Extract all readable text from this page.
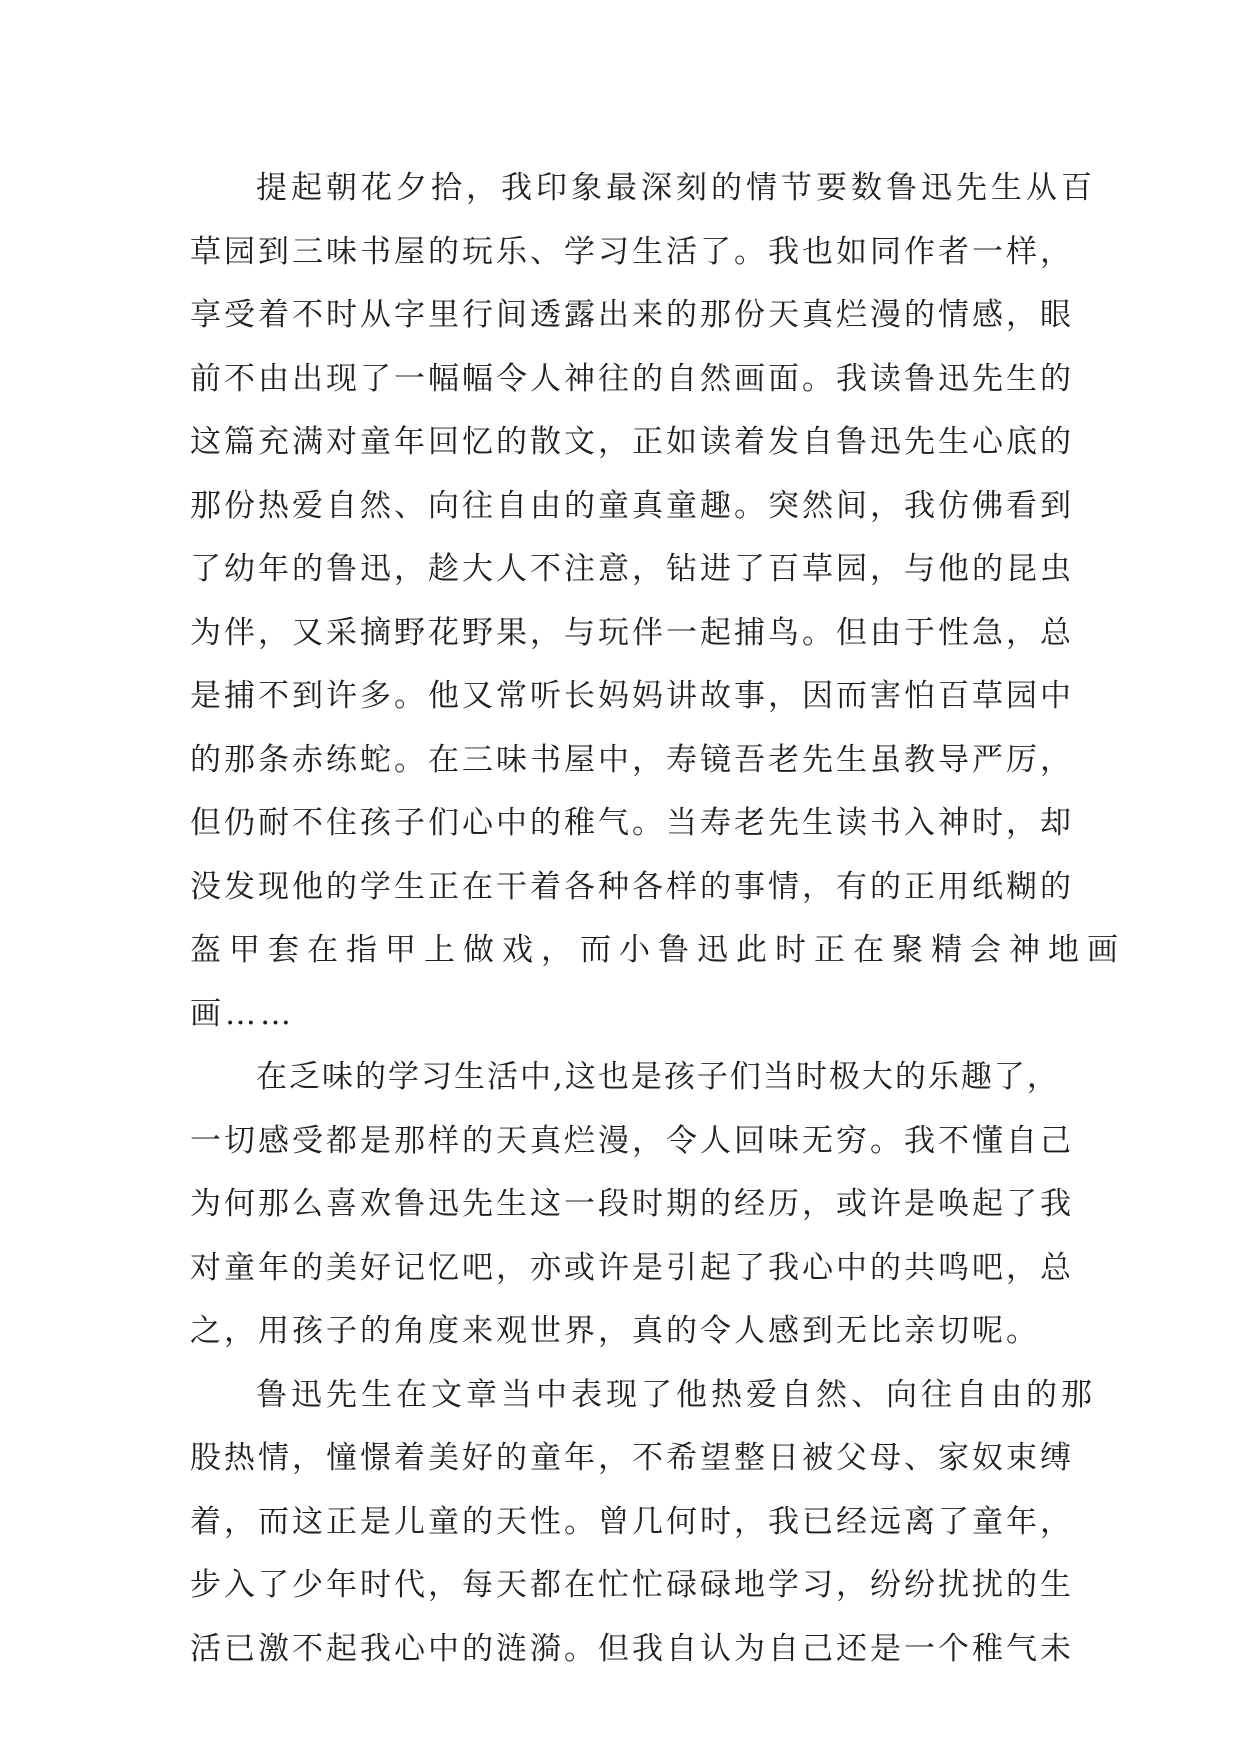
提起朝花夕拾，我印象最深刻的情节要数鲁迅先生从百
草园到三味书屋的玩乐、学习生活了。我也如同作者一样，
享受着不时从字里行间透露出来的那份天真烂漫的情感，眼
前不由出现了一幅幅令人神往的自然画面。我读鲁迅先生的
这篇充满对童年回忆的散文，正如读着发自鲁迅先生心底的
那份热爱自然、向往自由的童真童趣。突然间，我仿佛看到
了幼年的鲁迅，趁大人不注意，钻进了百草园，与他的昆虫
为伴，又采摘野花野果，与玩伴一起捕鸟。但由于性急，总
是捕不到许多。他又常听长妈妈讲故事，因而害怕百草园中
的那条赤练蛇。在三味书屋中，寿镜吾老先生虽教导严厉，
但仍耐不住孩子们心中的稚气。当寿老先生读书入神时，却
没发现他的学生正在干着各种各样的事情，有的正用纸糊的
盔甲套在指甲上做戏，而小鲁迅此时正在聚精会神地画
画……
在乏味的学习生活中,这也是孩子们当时极大的乐趣了，
一切感受都是那样的天真烂漫，令人回味无穷。我不懂自己
为何那么喜欢鲁迅先生这一段时期的经历，或许是唤起了我
对童年的美好记忆吧，亦或许是引起了我心中的共鸣吧，总
之，用孩子的角度来观世界，真的令人感到无比亲切呢。
鲁迅先生在文章当中表现了他热爱自然、向往自由的那
股热情，憧憬着美好的童年，不希望整日被父母、家奴束缚
着，而这正是儿童的天性。曾几何时，我已经远离了童年，
步入了少年时代，每天都在忙忙碌碌地学习，纷纷扰扰的生
活已激不起我心中的涟漪。但我自认为自己还是一个稚气未
